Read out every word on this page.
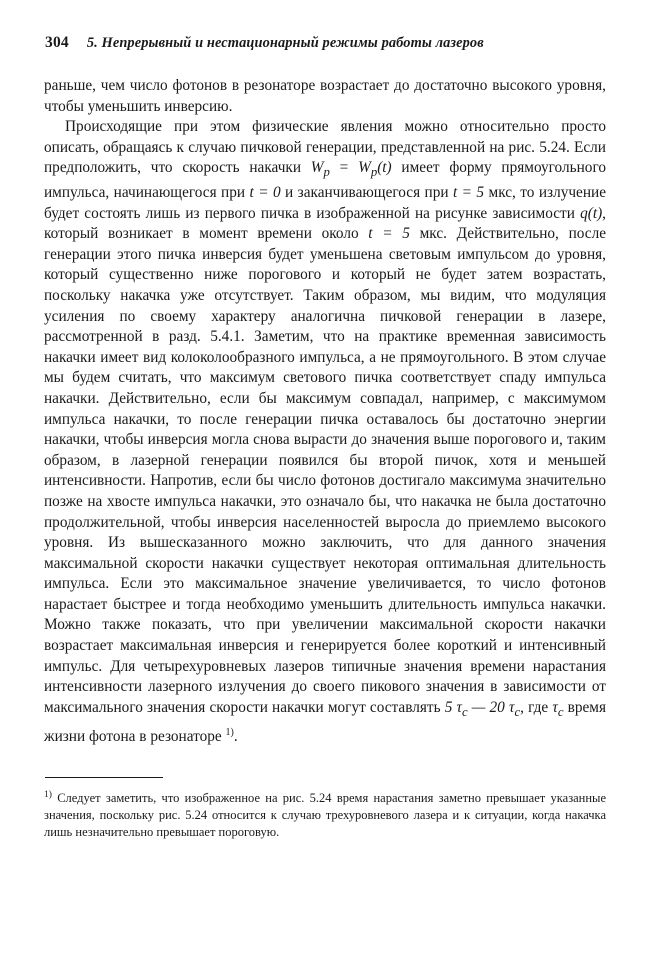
304 5. Непрерывный и нестационарный режимы работы лазеров

раньше, чем число фотонов в резонаторе возрастает до достаточно высокого уровня, чтобы уменьшить инверсию.

Происходящие при этом физические явления можно относительно просто описать, обращаясь к случаю пичковой генерации, представленной на рис. 5.24. Если предположить, что скорость накачки $W_p = W_p(t)$ имеет форму прямоугольного импульса, начинающегося при t = 0 и заканчивающегося при t = 5 мкс, то излучение будет состоять лишь из первого пичка в изображенной на рисунке зависимости q(t), который возникает в момент времени около t = 5 мкс. Действительно, после генерации этого пичка инверсия будет уменьшена световым импульсом до уровня, который существенно ниже порогового и который не будет затем возрастать, поскольку накачка уже отсутствует. Таким образом, мы видим, что модуляция усиления по своему характеру аналогична пичковой генерации в лазере, рассмотренной в разд. 5.4.1. Заметим, что на практике временная зависимость накачки имеет вид колоколообразного импульса, а не прямоугольного. В этом случае мы будем считать, что максимум светового пичка соответствует спаду импульса накачки. Действительно, если бы максимум совпадал, например, с максимумом импульса накачки, то после генерации пичка оставалось бы достаточно энергии накачки, чтобы инверсия могла снова вырасти до значения выше порогового и, таким образом, в лазерной генерации появился бы второй пичок, хотя и меньшей интенсивности. Напротив, если бы число фотонов достигало максимума значительно позже на хвосте импульса накачки, это означало бы, что накачка не была достаточно продолжительной, чтобы инверсия населенностей выросла до приемлемо высокого уровня. Из вышесказанного можно заключить, что для данного значения максимальной скорости накачки существует некоторая оптимальная длительность импульса. Если это максимальное значение увеличивается, то число фотонов нарастает быстрее и тогда необходимо уменьшить длительность импульса накачки. Можно также показать, что при увеличении максимальной скорости накачки возрастает максимальная инверсия и генерируется более короткий и интенсивный импульс. Для четырехуровневых лазеров типичные значения времени нарастания интенсивности лазерного излучения до своего пикового значения в зависимости от максимального значения скорости накачки могут составлять 5 $\tau_c$ — 20 $\tau_c$, где $\tau_c$ время жизни фотона в резонаторе $^{1)}$.

$^{1)}$ Следует заметить, что изображенное на рис. 5.24 время нарастания заметно превышает указанные значения, поскольку рис. 5.24 относится к случаю трехуровневого лазера и к ситуации, когда накачка лишь незначительно превышает пороговую.
